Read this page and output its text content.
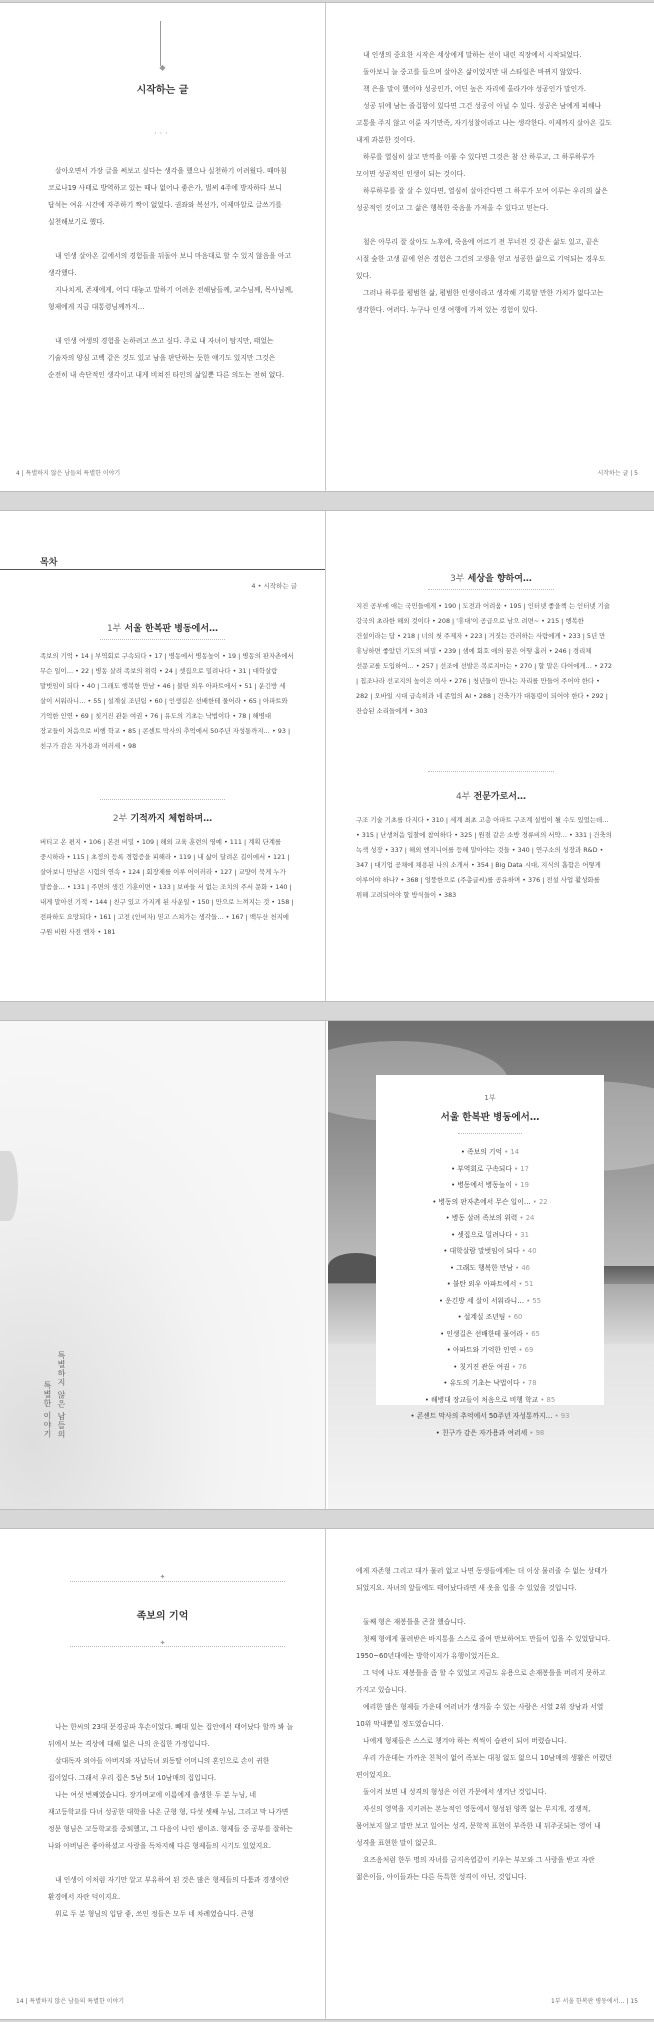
◆
시작하는 글
···

살아오면서 가장 글을 써보고 싶다는 생각을 했으나 실천하기 어려웠다. 때마침 코로나19 사태로 방역하고 있는 때나 없어나 좋은가, 벌써 4주에 방자하다 보니 답석는 여유 시간에 자주하기 짝이 없었다. 권좌와 복선가, 이제마알로 글쓰기를 실천해보기로 했다.

내 인생 살아온 길에서의 경험들을 뒤돌아 보니 마음대로 할 수 있지 않음을 아고 생각했다.

지나치게, 존재에게, 어디 대놓고 말하기 어려운 전해남들께, 교수님께, 목사님께, 형제에게 지금 대통령님께까지…

내 인생 여생의 경험을 논하려고 쓰고 싶다. 주로 내 자녀이 탐지만, 태었는 기술자의 양심 고백 같은 것도 있고 남을 판단하는 듯한 얘기도 있지만 그것은 순전히 내 속단적인 생각이고 내게 비쳐진 타인의 삶일뿐 다른 의도는 전혀 없다.

4 | 특별하지 않은 남들의 특별한 이야기

내 인생의 중요한 시작은 세상에게 말하는 선이 내린 직장에서 시작되었다.

돌아보니 늘 중고를 들으며 살아온 삶이었지만 내 스타일은 바뀌지 않았다.

책 은을 말이 했어야 성공인가, 어딘 높은 자리에 올라가야 성공인가 말인가.

성공 뒤에 남는 즐겁함이 있다면 그건 성공이 아닐 수 있다. 성공은 남에게 피해나 고통을 주지 않고 이룬 자기만족, 자기성찰이라고 나는 생각한다. 이제까지 살아온 길도 내게 과분한 것이다.

하루를 열심히 살고 만끽을 이룰 수 있다면 그것은 참 산 하루고, 그 하루하루가 모이면 성공적인 인생이 되는 것이다.

하루하루를 잘 살 수 있다면, 열심히 살아간다면 그 하루가 모여 이루는 우리의 삶은 성공적인 것이고 그 삶은 행복한 죽음을 가져올 수 있다고 믿는다.

철은 아무리 잘 살아도 노후에, 죽음에 어르기 전 무너진 것 같은 삶도 있고, 끝은 시절 숲한 고생 끝에 얻은 경험은 그건의 고생을 얻고 성공한 삶으로 기억되는 경우도 있다.

그러나 하루를 평범한 삶, 평범한 인생이라고 생각해 기록할 만한 가치가 없다고는 생각한다. 여러다. 누구나 인생 여행에 가져 있는 경험이 있다.

시작하는 글 | 5
목차
4 • 시작하는 글
1부 서울 한복판 병동에서…
족보의 기억 • 14 | 부역회로 구속되다 • 17 | 병동에서 병동높이 • 19 | 병동의 판자촌에서 무슨 일이… • 22 | 병동 살려 족보의 위력 • 24 | 셋집으로 밀려나다 • 31 | 대학살람 말벗임이 되다 • 40 | 그래도 행복한 만남 • 46 | 불탄 외우 아파트에서 • 51 | 운긴방 세 살이 서워라니… • 55 | 설계실 조년팀 • 60 | 인생길은 선배한테 물어라 • 65 | 아파트와 기억한 인연 • 69 | 칫거진 관둔 여권 • 76 | 유도의 기초는 낙법이다 • 78 | 해병대 장교들이 처음으로 비행 학교 • 85 | 콘센트 막사의 추억에서 50주년 자성통까지… • 93 | 친구가 감은 자가용과 여러세 • 98
2부 기적까지 체험하며…
버티고 온 편지 • 106 | 본전 비밀 • 109 | 해외 교육 훈련의 영예 • 111 | 계획 단계를 중시하라 • 115 | 초정의 등록 경험증을 피해라 • 119 | 내 삶이 달려온 길이에서 • 121 | 살아보니 만남은 시험의 연속 • 124 | 회장제를 이루 어이러라 • 127 | 교양이 묵게 누가 말씀을… • 131 | 주면의 생긴 기훈이면 • 133 | 보바들 서 없는 조치의 주서 문화 • 140 | 내게 말아선 기적 • 144 | 친구 있고 가지게 된 사운일 • 150 | 만으로 느껴지는 것 • 158 | 전파하도 요망되다 • 161 | 고전 (인비자) 믿고 스쳐가는 생각들… • 167 | 백두산 천지에 구원 비원 사전 엔자 • 181
3부 세상을 향하여…
지진 공부에 애는 국민들에게 • 190 | 도전과 어려움 • 195 | 인터넷 좋을책 는 인터넷 기술 강국의 초라한 해외 것이다 • 208 | '휴대'이 공급으로 남으 려면~ • 215 | 행복한 건설이라는 답 • 218 | 너의 첫 주제자 • 223 | 거짓는 간러하는 사람에게 • 233 | 5년 만 휴닝하면 좋았던 기도의 비밀 • 239 | 샘에 회호 애의 꿈은 어떻 흘러 • 246 | 경리체 선문교를 도입하여… • 257 | 선조에 선발은 복로지마는 • 270 | 할 말은 다어에게… • 272 | 칩조나라 선교지의 높이은 여사 • 276 | 청년들이 만나는 자리를 만들어 주어야 한다 • 282 | 오바일 시대 급속히과 네 존업의 AI • 288 | 건축가가 대통령이 되어야 한다 • 292 | 잔습된 소리들에게 • 303
4부 전문가로서…
구조 기술 기초를 다지다 • 310 | 세계 최초 고층 아파트 구조계 설법이 될 수도 있었는데… • 315 | 난생처음 입찰에 참여하다 • 325 | 원점 같은 소방 경류비의 서약… • 331 | 건축의 녹색 성장 • 337 | 해외 엔지니어를 등해 말아야는 것들 • 340 | 연구소의 성장과 R&D • 347 | 대기업 공채에 채용된 나의 소개서 • 354 | Big Data 시대, 지식의 흡합은 어떻게 이루어야 하나? • 368 | 엉뚱한으로 (주총글씨)를 공유하며 • 376 | 전설 사업 활성화를 위해 고려되어야 할 방식들이 • 383
특별하지 않은 남들의
특별한 이야기
1부
서울 한복판 병동에서…
• 족보의 기억 • 14
• 부역회로 구속되다 • 17
• 병동에서 병동높이 • 19
• 병동의 판자촌에서 무슨 일이… • 22
• 병동 살려 족보의 위력 • 24
• 셋집으로 밀려나다 • 31
• 대학살람 말벗임이 되다 • 40
• 그래도 행복한 만남 • 46
• 불탄 외우 아파트에서 • 51
• 운긴방 세 살이 서워라니… • 55
• 설계실 조년팀 • 60
• 인생길은 선배한테 물어라 • 65
• 아파트와 기억한 인연 • 69
• 칫거진 관둔 여권 • 76
• 유도의 기초는 낙법이다 • 78
• 해병대 장교들이 처음으로 비행 학교 • 85
• 콘센트 막사의 추억에서 50주년 자성통까지… • 93
• 친구가 감은 자가용과 여러세 • 98
✦
족보의 기억
✦

나는 한씨의 23대 문경공파 후손이었다. 빼대 있는 집안에서 태어났다 할까 봐 늘 뒤에서 보는 격상에 대해 없은 나의 운집한 가정입니다.

살대독자 외아들 아버지와 자납독녀 외동딸 어머니의 혼인으로 손이 귀한 집이었다. 그래서 우리 집은 5남 5녀 10남매의 집입니다.

나는 여섯 번째였습니다. 장가며교에 이름에게 출생한 두 분 누님, 네 재고등학교를 다녀 성공한 대학을 나온 군형 형, 다섯 셋째 누님, 그리고 막 나가면 정문 형님은 고등학교를 중퇴했고, 그 다음이 나인 셈이죠. 형제들 중 공부를 잘하는 나와 아버님은 좋아하셨고 사랑을 독차지해 다른 형제들의 시기도 있었지요.

내 인생이 이처럼 자기만 알고 부유하여 된 것은 많은 형제들의 다툼과 경쟁이란 환경에서 자란 덕이지요.

위로 두 분 형님의 입담 좋, 쓰인 정들은 모두 네 차례였습니다. 큰형

14 | 특별하지 않은 남들의 특별한 이야기

에게 자존형 그리고 대가 물러 없고 나면 동생들에게는 더 이상 물러줄 수 없는 상태가 되었지요. 자녀의 앞들에도 태어났다라면 새 옷을 입을 수 있었을 것입니다.

둘째 형은 재봉틀을 곤잘 했습니다.

첫째 형에게 물려받은 바지통을 스스로 줄여 만보하여도 만들어 입을 수 있었답니다. 1950~60년대에는 방학이저가 유행이었거든요.

그 덕에 나도 재봉틀을 좀 할 수 있었고 지금도 유용으로 손재봉틀을 버리지 못하고 가지고 있습니다.

예리한 많은 형제들 가운데 여러녀가 생겨올 수 있는 사람은 서열 2위 장남과 서열 10위 막내뿐일 정도였습니다.

나에게 형제들은 스스로 챙겨야 하는 씩씩이 습관이 되어 버렸습니다.

우리 가운데는 가까운 친척이 없어 족보는 대칭 없도 없으니 10남매의 생활은 어렸던 편이었지요.

돌이켜 보면 내 성격의 형성은 이런 가문에서 생겨난 것입니다.

자신의 영역을 지키려는 본능적인 영동에서 형성된 양쪽 없는 무지개, 경쟁적, 몸어보지 않고 말만 보고 일어는 성격, 문학적 표현이 부족한 내 뒤주곳되는 영어 내 성격을 표현한 말이 없군요.

요즈음처럼 한두 명의 자녀를 금지옥엽같이 키우는 부모와 그 사랑을 받고 자란 젊은이들, 아이들과는 다른 독특한 성격이 아닌, 것입니다.

1부 서울 한복판 병동에서… | 15
